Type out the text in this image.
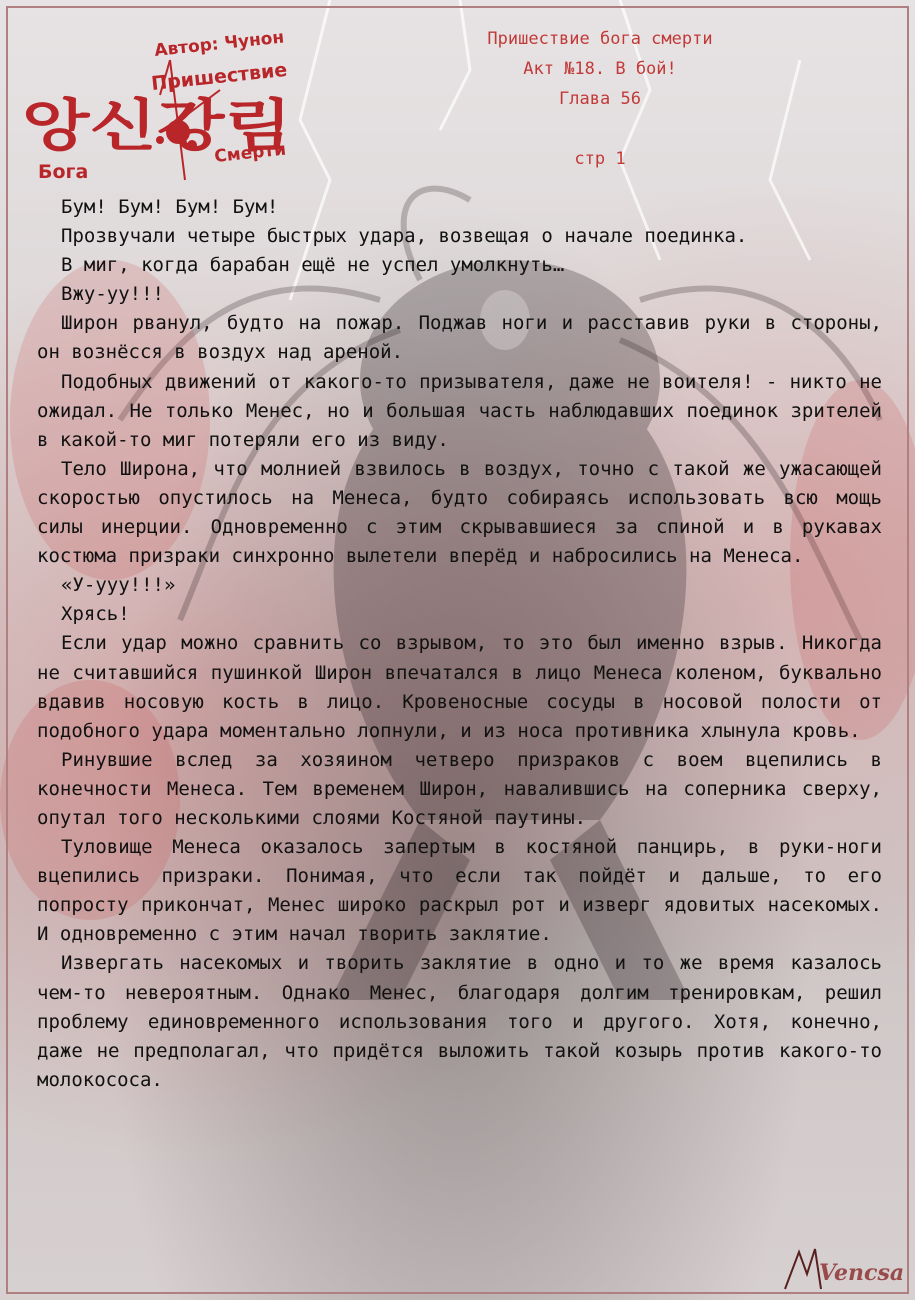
Автор: Чунон
Пришествие
앙신강림
Бога
Смерти
Пришествие бога смерти
Акт №18. В бой!
Глава 56
стр 1

Бум! Бум! Бум! Бум!

Прозвучали четыре быстрых удара, возвещая о начале поединка.

В миг, когда барабан ещё не успел умолкнуть…

Вжу-уу!!!

Широн рванул, будто на пожар. Поджав ноги и расставив руки в стороны, он вознёсся в воздух над ареной.

Подобных движений от какого-то призывателя, даже не воителя! - никто не ожидал. Не только Менес, но и большая часть наблюдавших поединок зрителей в какой-то миг потеряли его из виду.

Тело Широна, что молнией взвилось в воздух, точно с такой же ужасающей скоростью опустилось на Менеса, будто собираясь использовать всю мощь силы инерции. Одновременно с этим скрывавшиеся за спиной и в рукавах костюма призраки синхронно вылетели вперёд и набросились на Менеса.

«У-ууу!!!»

Хрясь!

Если удар можно сравнить со взрывом, то это был именно взрыв. Никогда не считавшийся пушинкой Широн впечатался в лицо Менеса коленом, буквально вдавив носовую кость в лицо. Кровеносные сосуды в носовой полости от подобного удара моментально лопнули, и из носа противника хлынула кровь.

Ринувшие вслед за хозяином четверо призраков с воем вцепились в конечности Менеса. Тем временем Широн, навалившись на соперника сверху, опутал того несколькими слоями Костяной паутины.

Туловище Менеса оказалось запертым в костяной панцирь, в руки-ноги вцепились призраки. Понимая, что если так пойдёт и дальше, то его попросту прикончат, Менес широко раскрыл рот и изверг ядовитых насекомых. И одновременно с этим начал творить заклятие.

Извергать насекомых и творить заклятие в одно и то же время казалось чем-то невероятным. Однако Менес, благодаря долгим тренировкам, решил проблему единовременного использования того и другого. Хотя, конечно, даже не предполагал, что придётся выложить такой козырь против какого-то молокососа.

Vencsa
